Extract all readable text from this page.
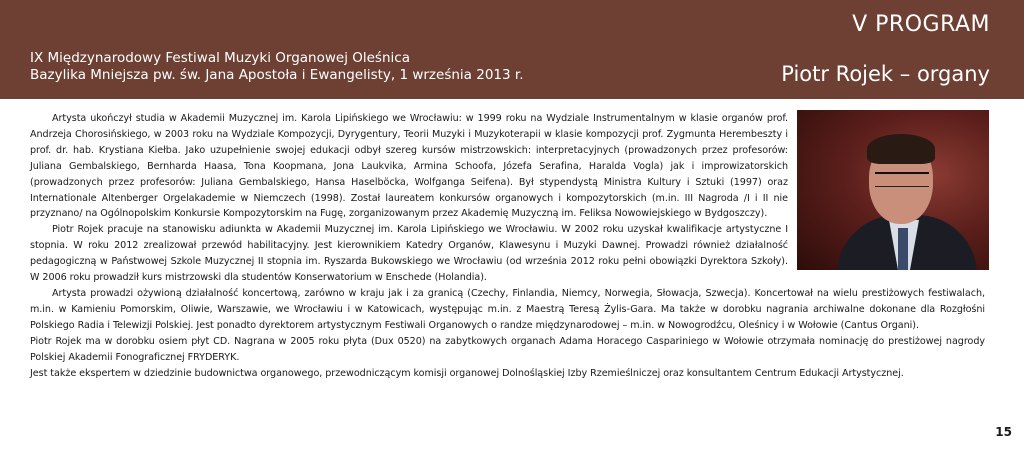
V PROGRAM
IX Międzynarodowy Festiwal Muzyki Organowej Oleśnica
Bazylika Mniejsza pw. św. Jana Apostoła i Ewangelisty, 1 września 2013 r.	Piotr Rojek – organy

Artysta ukończył studia w Akademii Muzycznej im. Karola Lipińskiego we Wrocławiu: w 1999 roku na Wydziale Instrumentalnym w klasie organów prof. Andrzeja Chorosińskiego, w 2003 roku na Wydziale Kompozycji, Dyrygentury, Teorii Muzyki i Muzykoterapii w klasie kompozycji prof. Zygmunta Herembeszty i prof. dr. hab. Krystiana Kiełba. Jako uzupełnienie swojej edukacji odbył szereg kursów mistrzowskich: interpretacyjnych (prowadzonych przez profesorów: Juliana Gembalskiego, Bernharda Haasa, Tona Koopmana, Jona Laukvika, Armina Schoofa, Józefa Serafina, Haralda Vogla) jak i improwizatorskich (prowadzonych przez profesorów: Juliana Gembalskiego, Hansa Haselböcka, Wolfganga Seifena). Był stypendystą Ministra Kultury i Sztuki (1997) oraz Internationale Altenberger Orgelakademie w Niemczech (1998). Został laureatem konkursów organowych i kompozytorskich (m.in. III Nagroda /I i II nie przyznano/ na Ogólnopolskim Konkursie Kompozytorskim na Fugę, zorganizowanym przez Akademię Muzyczną im. Feliksa Nowowiejskiego w Bydgoszczy).

Piotr Rojek pracuje na stanowisku adiunkta w Akademii Muzycznej im. Karola Lipińskiego we Wrocławiu. W 2002 roku uzyskał kwalifikacje artystyczne I stopnia. W roku 2012 zrealizował przewód habilitacyjny. Jest kierownikiem Katedry Organów, Klawesynu i Muzyki Dawnej. Prowadzi również działalność pedagogiczną w Państwowej Szkole Muzycznej II stopnia im. Ryszarda Bukowskiego we Wrocławiu (od września 2012 roku pełni obowiązki Dyrektora Szkoły). W 2006 roku prowadził kurs mistrzowski dla studentów Konserwatorium w Enschede (Holandia).

Artysta prowadzi ożywioną działalność koncertową, zarówno w kraju jak i za granicą (Czechy, Finlandia, Niemcy, Norwegia, Słowacja, Szwecja). Koncertował na wielu prestiżowych festiwalach, m.in. w Kamieniu Pomorskim, Oliwie, Warszawie, we Wrocławiu i w Katowicach, występując m.in. z Maestrą Teresą Żylis-Gara. Ma także w dorobku nagrania archiwalne dokonane dla Rozgłośni Polskiego Radia i Telewizji Polskiej. Jest ponadto dyrektorem artystycznym Festiwali Organowych o randze międzynarodowej – m.in. w Nowogrodźcu, Oleśnicy i w Wołowie (Cantus Organi).

Piotr Rojek ma w dorobku osiem płyt CD. Nagrana w 2005 roku płyta (Dux 0520) na zabytkowych organach Adama Horacego Caspariniego w Wołowie otrzymała nominację do prestiżowej nagrody Polskiej Akademii Fonograficznej FRYDERYK.

Jest także ekspertem w dziedzinie budownictwa organowego, przewodniczącym komisji organowej Dolnośląskiej Izby Rzemieślniczej oraz konsultantem Centrum Edukacji Artystycznej.

15
